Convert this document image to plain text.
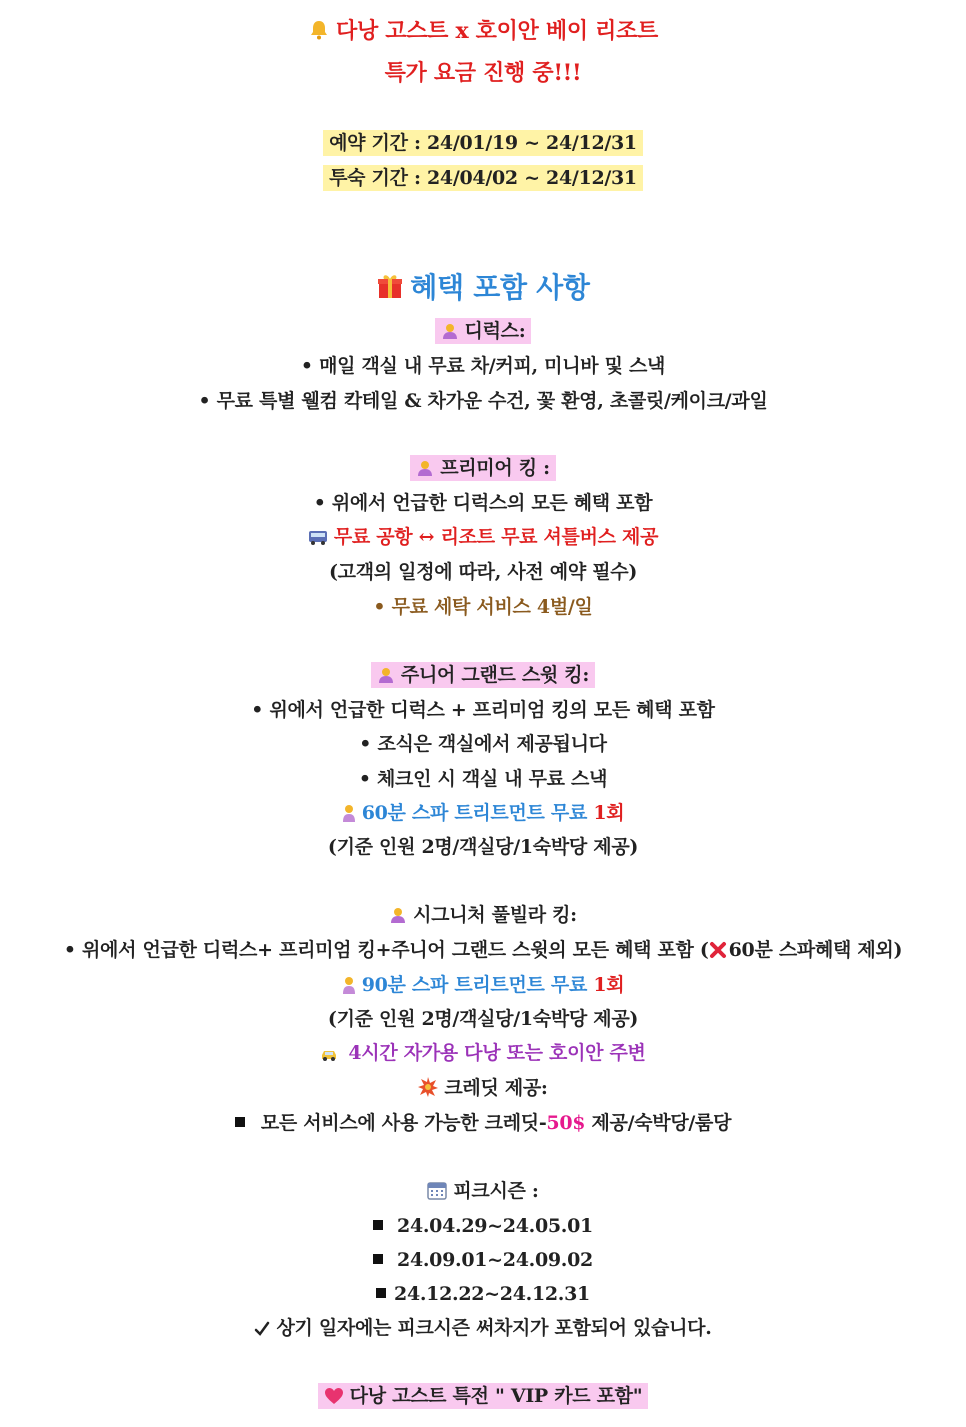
다낭 고스트 x 호이안 베이 리조트
특가 요금 진행 중!!!
예약 기간 : 24/01/19 ~ 24/12/31
투숙 기간 : 24/04/02 ~ 24/12/31
혜택 포함 사항
디럭스:
• 매일 객실 내 무료 차/커피, 미니바 및 스낵
• 무료 특별 웰컴 칵테일 & 차가운 수건, 꽃 환영, 초콜릿/케이크/과일
프리미어 킹 :
• 위에서 언급한 디럭스의 모든 혜택 포함
무료 공항 ↔ 리조트 무료 셔틀버스 제공
(고객의 일정에 따라, 사전 예약 필수)
• 무료 세탁 서비스 4벌/일
주니어 그랜드 스윗 킹:
• 위에서 언급한 디럭스 + 프리미엄 킹의 모든 혜택 포함
• 조식은 객실에서 제공됩니다
• 체크인 시 객실 내 무료 스낵
60분 스파 트리트먼트 무료 1회
(기준 인원 2명/객실당/1숙박당 제공)
시그니처 풀빌라 킹:
• 위에서 언급한 디럭스+ 프리미엄 킹+주니어 그랜드 스윗의 모든 혜택 포함 ( 60분 스파혜택 제외)
90분 스파 트리트먼트 무료 1회
(기준 인원 2명/객실당/1숙박당 제공)
4시간 자가용 다낭 또는 호이안 주변
크레딧 제공:
모든 서비스에 사용 가능한 크레딧-50$ 제공/숙박당/룸당
피크시즌 :
24.04.29~24.05.01
24.09.01~24.09.02
24.12.22~24.12.31
상기 일자에는 피크시즌 써차지가 포함되어 있습니다.
다낭 고스트 특전 " VIP 카드 포함"
